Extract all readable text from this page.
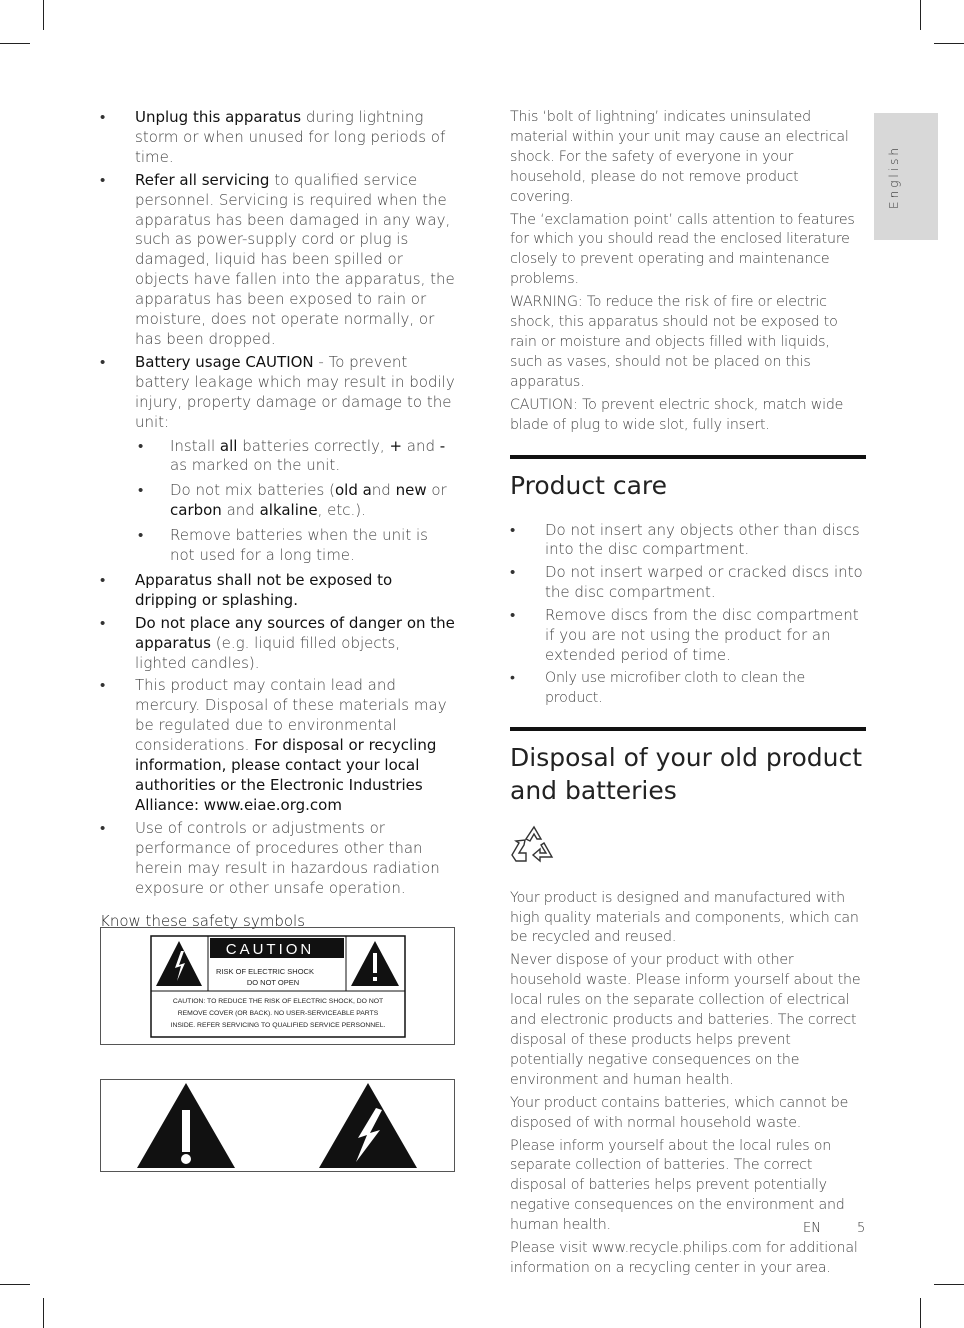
English
• Unplug this apparatus during lightning storm or when unused for long periods of time.
• Refer all servicing to qualified service personnel. Servicing is required when the apparatus has been damaged in any way, such as power-supply cord or plug is damaged, liquid has been spilled or objects have fallen into the apparatus, the apparatus has been exposed to rain or moisture, does not operate normally, or has been dropped.
• Battery usage CAUTION - To prevent battery leakage which may result in bodily injury, property damage or damage to the unit:
• Install all batteries correctly, + and - as marked on the unit.
• Do not mix batteries (old and new or carbon and alkaline, etc.).
• Remove batteries when the unit is not used for a long time.
• Apparatus shall not be exposed to dripping or splashing.
• Do not place any sources of danger on the apparatus (e.g. liquid filled objects, lighted candles).
• This product may contain lead and mercury. Disposal of these materials may be regulated due to environmental considerations. For disposal or recycling information, please contact your local authorities or the Electronic Industries Alliance: www.eiae.org.com
• Use of controls or adjustments or performance of procedures other than herein may result in hazardous radiation exposure or other unsafe operation.
Know these safety symbols
CAUTION
RISK OF ELECTRIC SHOCK
DO NOT OPEN
CAUTION: TO REDUCE THE RISK OF ELECTRIC SHOCK, DO NOT
REMOVE COVER (OR BACK). NO USER-SERVICEABLE PARTS
INSIDE. REFER SERVICING TO QUALIFIED SERVICE PERSONNEL.

This ‘bolt of lightning’ indicates uninsulated material within your unit may cause an electrical shock. For the safety of everyone in your household, please do not remove product covering.

The ‘exclamation point’ calls attention to features for which you should read the enclosed literature closely to prevent operating and maintenance problems.

WARNING: To reduce the risk of fire or electric shock, this apparatus should not be exposed to rain or moisture and objects filled with liquids, such as vases, should not be placed on this apparatus.

CAUTION: To prevent electric shock, match wide blade of plug to wide slot, fully insert.

Product care
• Do not insert any objects other than discs into the disc compartment.
• Do not insert warped or cracked discs into the disc compartment.
• Remove discs from the disc compartment if you are not using the product for an extended period of time.
• Only use microfiber cloth to clean the product.
Disposal of your old product and batteries

Your product is designed and manufactured with high quality materials and components, which can be recycled and reused.

Never dispose of your product with other household waste. Please inform yourself about the local rules on the separate collection of electrical and electronic products and batteries. The correct disposal of these products helps prevent potentially negative consequences on the environment and human health.

Your product contains batteries, which cannot be disposed of with normal household waste.

Please inform yourself about the local rules on separate collection of batteries. The correct disposal of batteries helps prevent potentially negative consequences on the environment and human health.

Please visit www.recycle.philips.com for additional information on a recycling center in your area.

EN	5
